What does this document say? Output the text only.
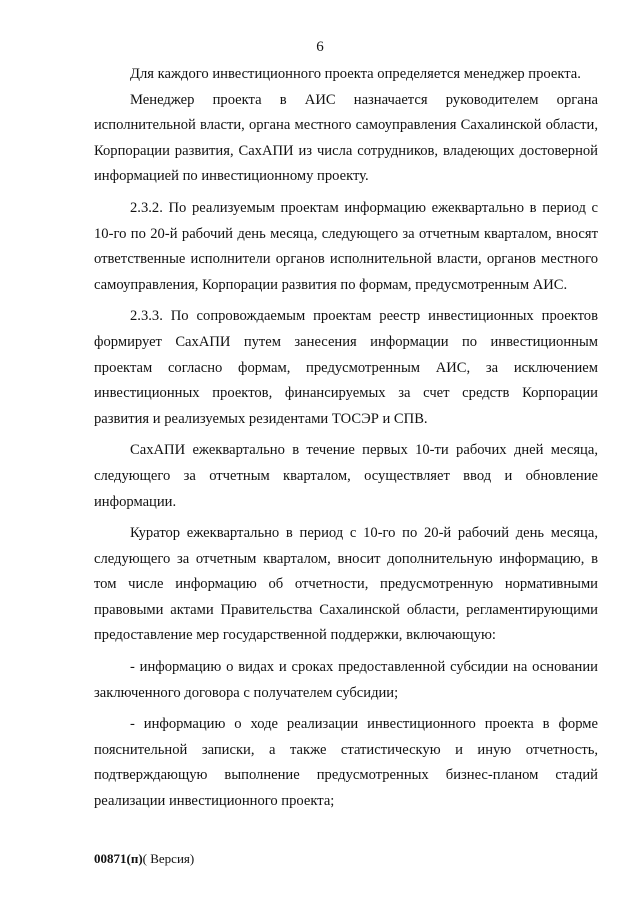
6

Для каждого инвестиционного проекта определяется менеджер проекта.

Менеджер проекта в АИС назначается руководителем органа исполнительной власти, органа местного самоуправления Сахалинской области, Корпорации развития, СахАПИ из числа сотрудников, владеющих достоверной информацией по инвестиционному проекту.

2.3.2. По реализуемым проектам информацию ежеквартально в период с 10-го по 20-й рабочий день месяца, следующего за отчетным кварталом, вносят ответственные исполнители органов исполнительной власти, органов местного самоуправления, Корпорации развития по формам, предусмотренным АИС.

2.3.3. По сопровождаемым проектам реестр инвестиционных проектов формирует СахАПИ путем занесения информации по инвестиционным проектам согласно формам, предусмотренным АИС, за исключением инвестиционных проектов, финансируемых за счет средств Корпорации развития и реализуемых резидентами ТОСЭР и СПВ.

СахАПИ ежеквартально в течение первых 10-ти рабочих дней месяца, следующего за отчетным кварталом, осуществляет ввод и обновление информации.

Куратор ежеквартально в период с 10-го по 20-й рабочий день месяца, следующего за отчетным кварталом, вносит дополнительную информацию, в том числе информацию об отчетности, предусмотренную нормативными правовыми актами Правительства Сахалинской области, регламентирующими предоставление мер государственной поддержки, включающую:

- информацию о видах и сроках предоставленной субсидии на основании заключенного договора с получателем субсидии;

- информацию о ходе реализации инвестиционного проекта в форме пояснительной записки, а также статистическую и иную отчетность, подтверждающую выполнение предусмотренных бизнес-планом стадий реализации инвестиционного проекта;

00871(п)( Версия)
